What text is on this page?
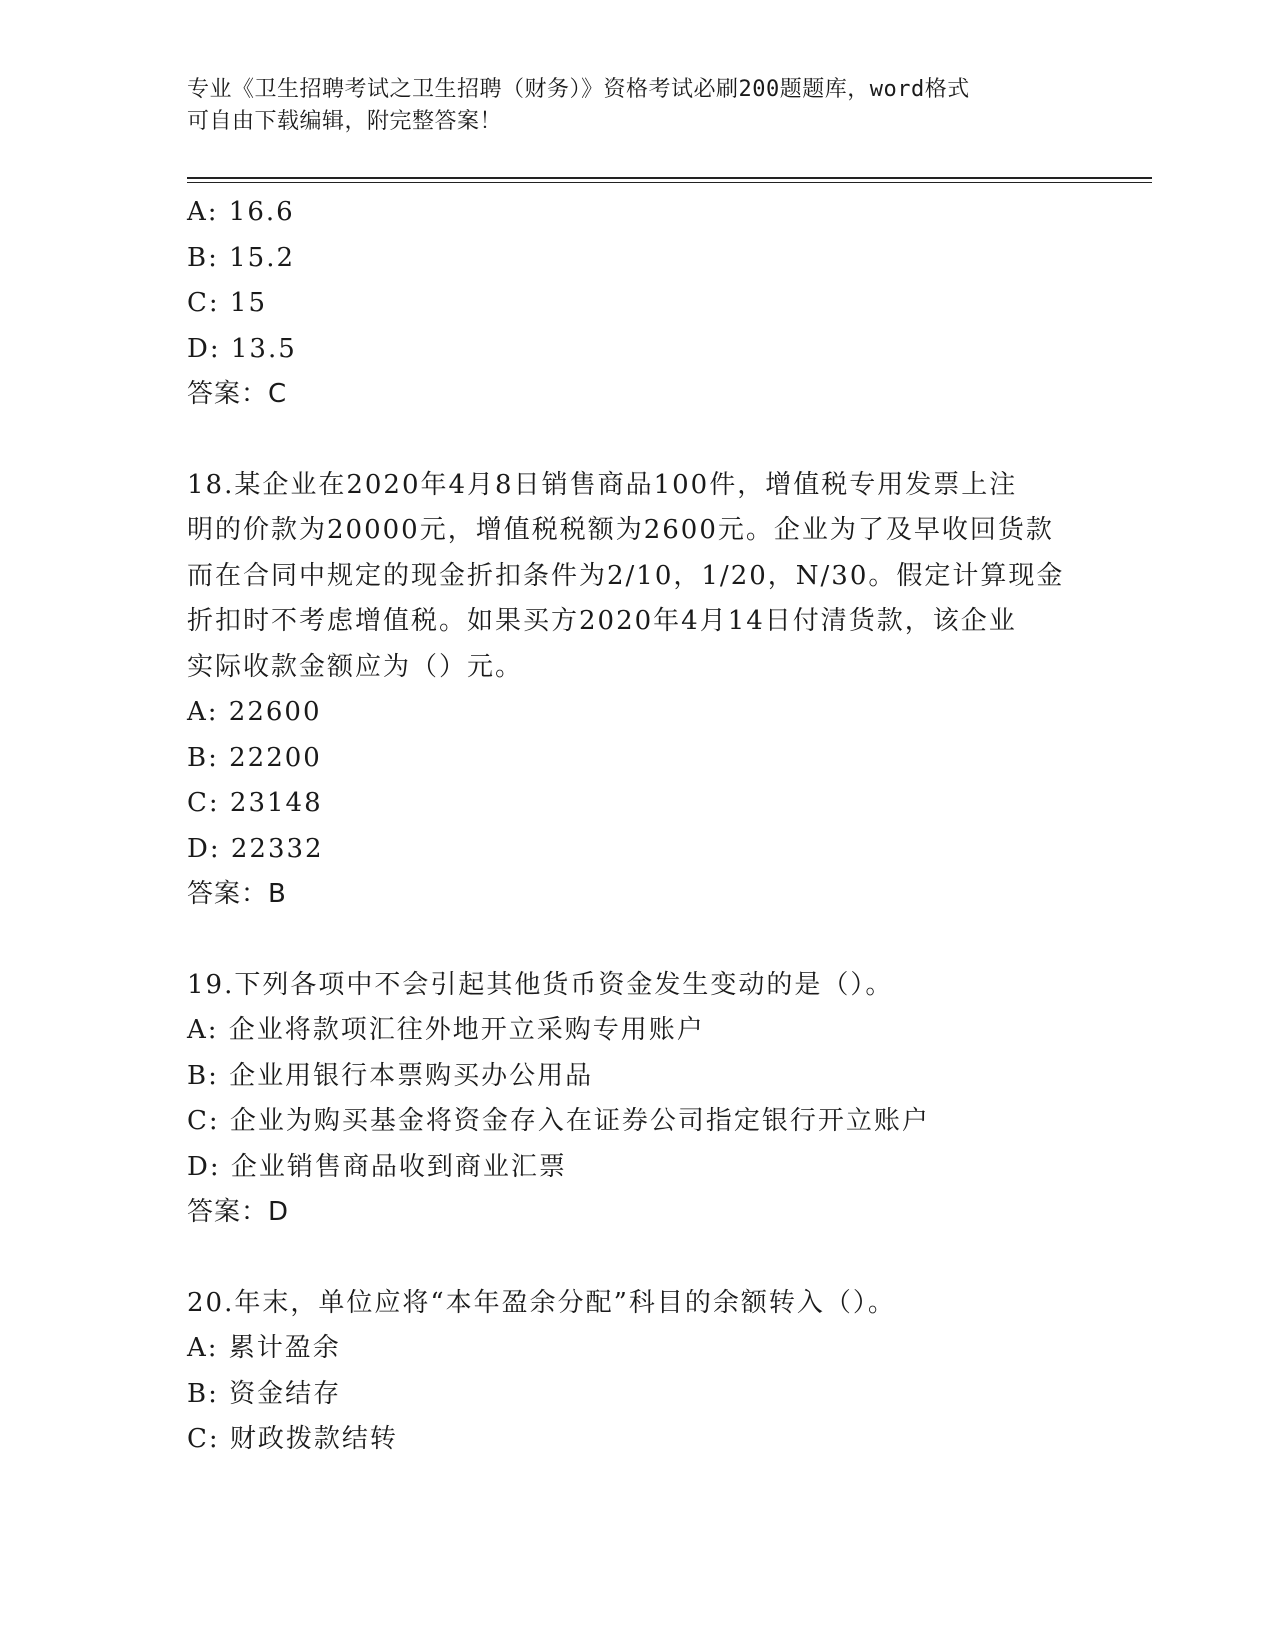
专业《卫生招聘考试之卫生招聘（财务）》资格考试必刷200题题库，word格式
可自由下载编辑，附完整答案！
A: 16.6
B: 15.2
C: 15
D: 13.5
答案：C
18.某企业在2020年4月8日销售商品100件，增值税专用发票上注
明的价款为20000元，增值税税额为2600元。企业为了及早收回货款
而在合同中规定的现金折扣条件为2/10，1/20，N/30。假定计算现金
折扣时不考虑增值税。如果买方2020年4月14日付清货款，该企业
实际收款金额应为（）元。
A: 22600
B: 22200
C: 23148
D: 22332
答案：B
19.下列各项中不会引起其他货币资金发生变动的是（）。
A: 企业将款项汇往外地开立采购专用账户
B: 企业用银行本票购买办公用品
C: 企业为购买基金将资金存入在证券公司指定银行开立账户
D: 企业销售商品收到商业汇票
答案：D
20.年末，单位应将“本年盈余分配”科目的余额转入（）。
A: 累计盈余
B: 资金结存
C: 财政拨款结转
